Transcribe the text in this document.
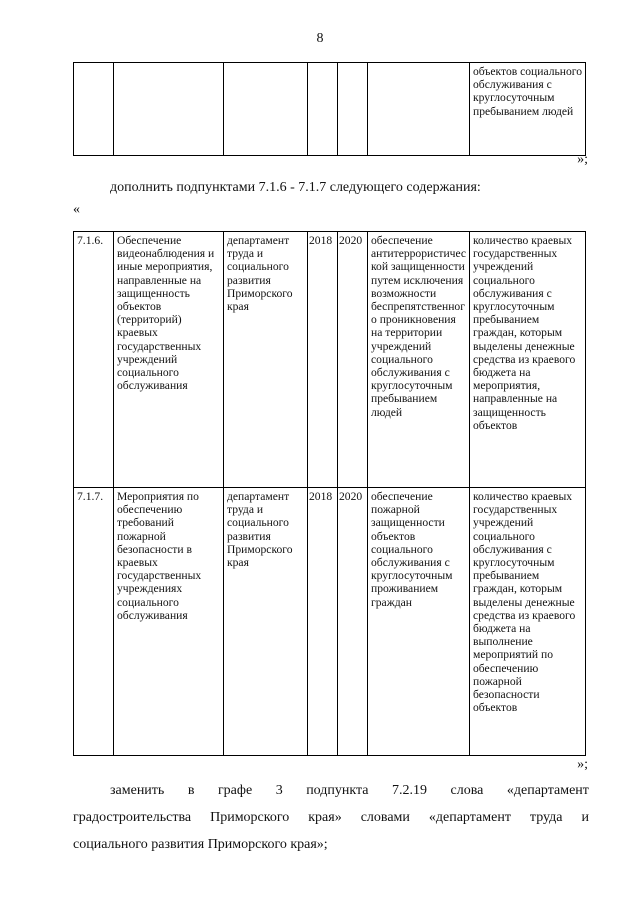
8
						объектов социального обслуживания с круглосуточным пребыванием людей
»;
дополнить подпунктами 7.1.6 - 7.1.7 следующего содержания:
«
7.1.6.	Обеспечение видеонаблюдения и иные мероприятия, направленные на защищенность объектов (территорий) краевых государственных учреждений социального обслуживания	департамент труда и социального развития Приморского края	2018	2020	обеспечение антитеррористической защищенности путем исключения возможности беспрепятственного проникновения на территории учреждений социального обслуживания с круглосуточным пребыванием людей	количество краевых государственных учреждений социального обслуживания с круглосуточным пребыванием граждан, которым выделены денежные средства из краевого бюджета на мероприятия, направленные на защищенность объектов
7.1.7.	Мероприятия по обеспечению требований пожарной безопасности в краевых государственных учреждениях социального обслуживания	департамент труда и социального развития Приморского края	2018	2020	обеспечение пожарной защищенности объектов социального обслуживания с круглосуточным проживанием граждан	количество краевых государственных учреждений социального обслуживания с круглосуточным пребыванием граждан, которым выделены денежные средства из краевого бюджета на выполнение мероприятий по обеспечению пожарной безопасности объектов
»;
заменить в графе 3 подпункта 7.2.19 слова «департамент
градостроительства Приморского края» словами «департамент труда и
социального развития Приморского края»;
